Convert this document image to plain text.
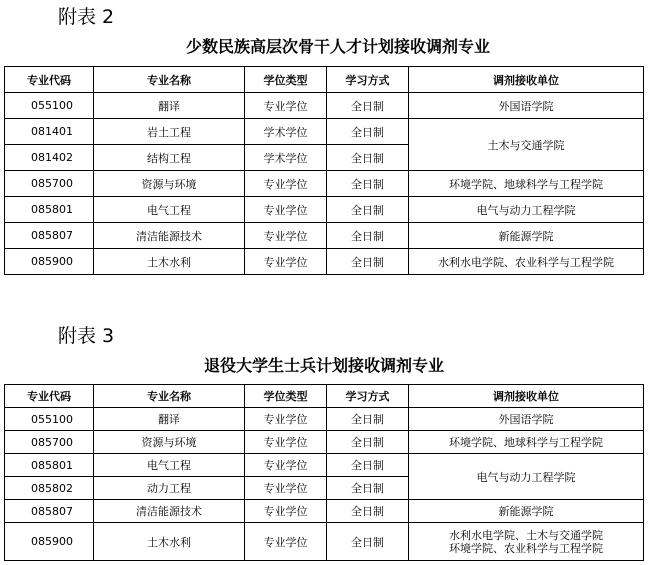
附表 2
少数民族高层次骨干人才计划接收调剂专业
专业代码	专业名称	学位类型	学习方式	调剂接收单位
055100	翻译	专业学位	全日制	外国语学院
081401	岩土工程	学术学位	全日制	土木与交通学院
081402	结构工程	学术学位	全日制	
085700	资源与环境	专业学位	全日制	环境学院、地球科学与工程学院
085801	电气工程	专业学位	全日制	电气与动力工程学院
085807	清洁能源技术	专业学位	全日制	新能源学院
085900	土木水利	专业学位	全日制	水利水电学院、农业科学与工程学院
附表 3
退役大学生士兵计划接收调剂专业
专业代码	专业名称	学位类型	学习方式	调剂接收单位
055100	翻译	专业学位	全日制	外国语学院
085700	资源与环境	专业学位	全日制	环境学院、地球科学与工程学院
085801	电气工程	专业学位	全日制	电气与动力工程学院
085802	动力工程	专业学位	全日制	
085807	清洁能源技术	专业学位	全日制	新能源学院
085900	土木水利	专业学位	全日制	水利水电学院、土木与交通学院
环境学院、农业科学与工程学院
